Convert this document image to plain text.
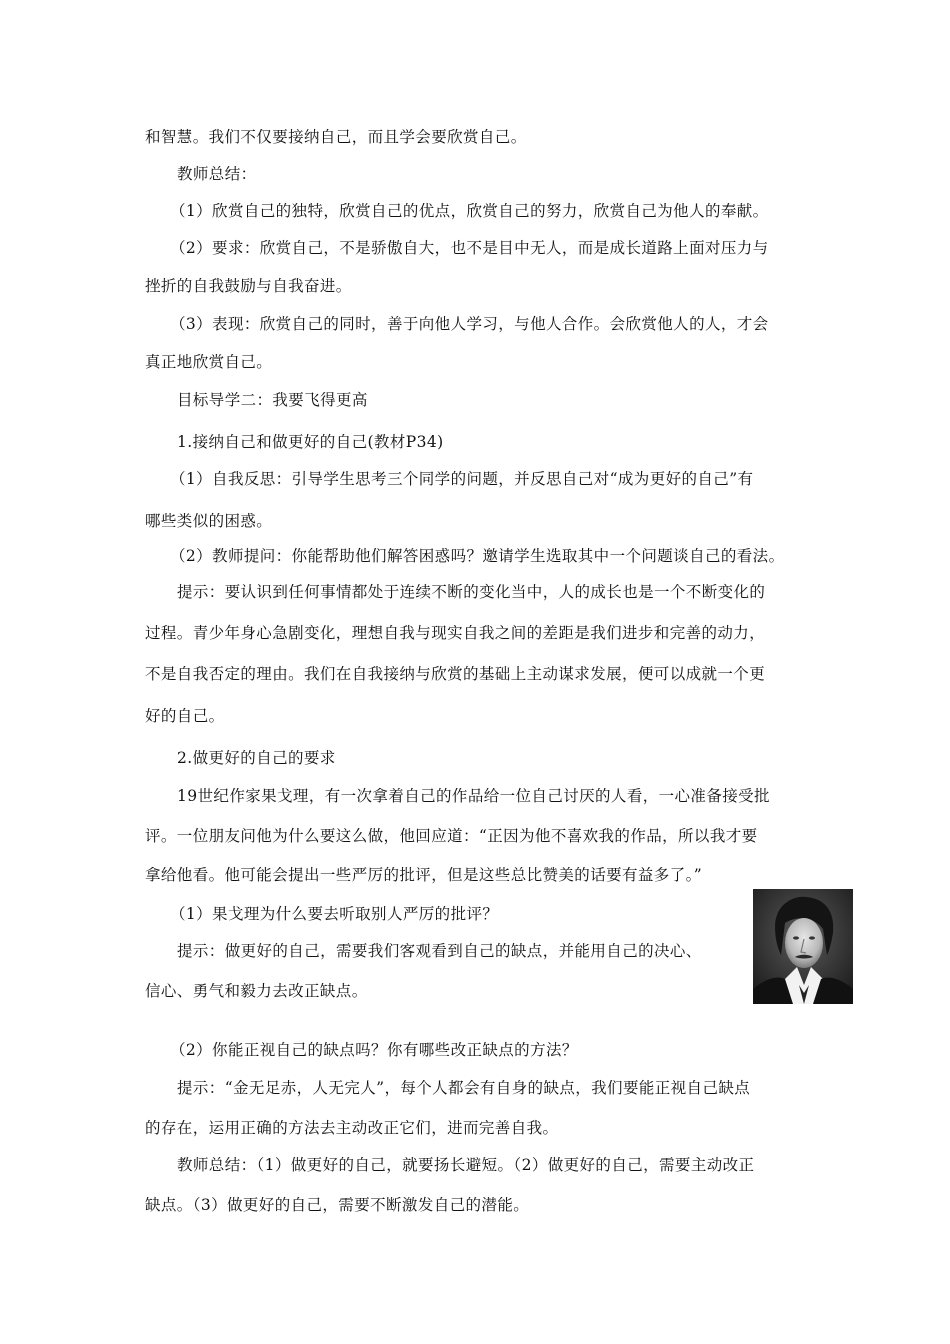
和智慧。我们不仅要接纳自己，而且学会要欣赏自己。
教师总结：
（1）欣赏自己的独特，欣赏自己的优点，欣赏自己的努力，欣赏自己为他人的奉献。
（2）要求：欣赏自己，不是骄傲自大，也不是目中无人，而是成长道路上面对压力与
挫折的自我鼓励与自我奋进。
（3）表现：欣赏自己的同时，善于向他人学习，与他人合作。会欣赏他人的人，才会
真正地欣赏自己。
目标导学二：我要飞得更高
1.接纳自己和做更好的自己(教材P34)
（1）自我反思：引导学生思考三个同学的问题，并反思自己对“成为更好的自己”有
哪些类似的困惑。
（2）教师提问：你能帮助他们解答困惑吗？邀请学生选取其中一个问题谈自己的看法。
提示：要认识到任何事情都处于连续不断的变化当中，人的成长也是一个不断变化的
过程。青少年身心急剧变化，理想自我与现实自我之间的差距是我们进步和完善的动力，
不是自我否定的理由。我们在自我接纳与欣赏的基础上主动谋求发展，便可以成就一个更
好的自己。
2.做更好的自己的要求
19世纪作家果戈理，有一次拿着自己的作品给一位自己讨厌的人看，一心准备接受批
评。一位朋友问他为什么要这么做，他回应道：“正因为他不喜欢我的作品，所以我才要
拿给他看。他可能会提出一些严厉的批评，但是这些总比赞美的话要有益多了。”
（1）果戈理为什么要去听取别人严厉的批评？
提示：做更好的自己，需要我们客观看到自己的缺点，并能用自己的决心、
信心、勇气和毅力去改正缺点。
（2）你能正视自己的缺点吗？你有哪些改正缺点的方法？
提示：“金无足赤，人无完人”，每个人都会有自身的缺点，我们要能正视自己缺点
的存在，运用正确的方法去主动改正它们，进而完善自我。
教师总结：（1）做更好的自己，就要扬长避短。（2）做更好的自己，需要主动改正
缺点。（3）做更好的自己，需要不断激发自己的潜能。
